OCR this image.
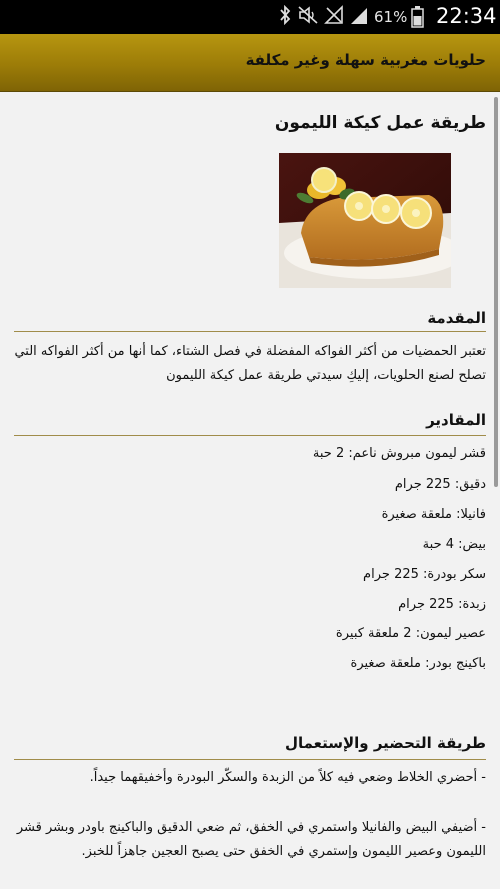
61% 22:34
حلويات مغربية سهلة وغير مكلفة
طريقة عمل كيكة الليمون
المقدمة
تعتبر الحمضيات من أكثر الفواكه المفضلة في فصل الشتاء، كما أنها من أكثر الفواكه التي تصلح لصنع الحلويات، إليكِ سيدتي طريقة عمل كيكة الليمون
المقادير
قشر ليمون مبروش ناعم: 2 حبة
دقيق: 225 جرام
فانيلا: ملعقة صغيرة
بيض: 4 حبة
سكر بودرة: 225 جرام
زبدة: 225 جرام
عصير ليمون: 2 ملعقة كبيرة
باكينج بودر: ملعقة صغيرة
طريقة التحضير والإستعمال
- أحضري الخلاط وضعي فيه كلاً من الزبدة والسكّر البودرة وأخفيقهما جيداً.
- أضيفي البيض والفانيلا واستمري في الخفق، ثم ضعي الدقيق والباكينج باودر وبشر قشر الليمون وعصير الليمون وإستمري في الخفق حتى يصبح العجين جاهزاً للخبز.
